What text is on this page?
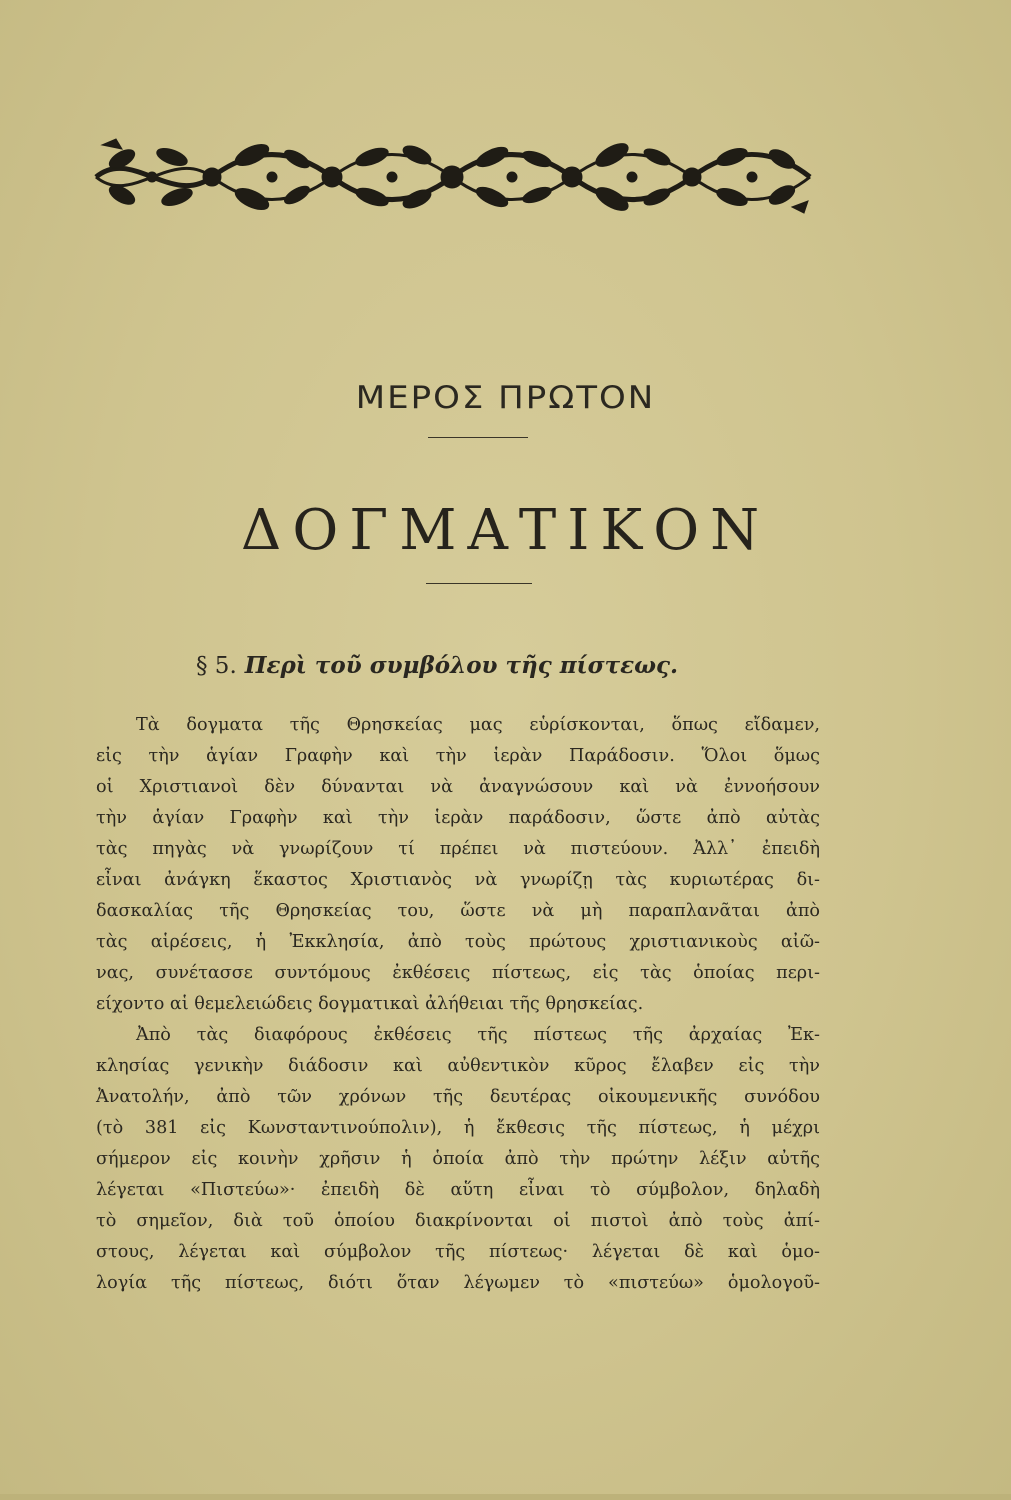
ΜΕΡΟΣ ΠΡΩΤΟΝ
ΔΟΓΜΑΤΙΚΟΝ
§ 5. Περὶ τοῦ συμβόλου τῆς πίστεως.
Τὰ δογματα τῆς Θρησκείας μας εὑρίσκονται, ὅπως εἴδαμεν,
εἰς τὴν ἁγίαν Γραφὴν καὶ τὴν ἱερὰν Παράδοσιν. Ὅλοι ὅμως
οἱ Χριστιανοὶ δὲν δύνανται νὰ ἀναγνώσουν καὶ νὰ ἐννοήσουν
τὴν ἁγίαν Γραφὴν καὶ τὴν ἱερὰν παράδοσιν, ὥστε ἀπὸ αὐτὰς
τὰς πηγὰς νὰ γνωρίζουν τί πρέπει νὰ πιστεύουν. Ἀλλ᾽ ἐπειδὴ
εἶναι ἀνάγκη ἕκαστος Χριστιανὸς νὰ γνωρίζῃ τὰς κυριωτέρας δι-
δασκαλίας τῆς Θρησκείας του, ὥστε νὰ μὴ παραπλανᾶται ἀπὸ
τὰς αἱρέσεις, ἡ Ἐκκλησία, ἀπὸ τοὺς πρώτους χριστιανικοὺς αἰῶ-
νας, συνέτασσε συντόμους ἐκθέσεις πίστεως, εἰς τὰς ὁποίας περι-
είχοντο αἱ θεμελειώδεις δογματικαὶ ἀλήθειαι τῆς θρησκείας.
Ἀπὸ τὰς διαφόρους ἐκθέσεις τῆς πίστεως τῆς ἀρχαίας Ἐκ-
κλησίας γενικὴν διάδοσιν καὶ αὐθεντικὸν κῦρος ἔλαβεν εἰς τὴν
Ἀνατολήν, ἀπὸ τῶν χρόνων τῆς δευτέρας οἰκουμενικῆς συνόδου
(τὸ 381 εἰς Κωνσταντινούπολιν), ἡ ἔκθεσις τῆς πίστεως, ἡ μέχρι
σήμερον εἰς κοινὴν χρῆσιν ἡ ὁποία ἀπὸ τὴν πρώτην λέξιν αὐτῆς
λέγεται «Πιστεύω»· ἐπειδὴ δὲ αὕτη εἶναι τὸ σύμβολον, δηλαδὴ
τὸ σημεῖον, διὰ τοῦ ὁποίου διακρίνονται οἱ πιστοὶ ἀπὸ τοὺς ἀπί-
στους, λέγεται καὶ σύμβολον τῆς πίστεως· λέγεται δὲ καὶ ὁμο-
λογία τῆς πίστεως, διότι ὅταν λέγωμεν τὸ «πιστεύω» ὁμολογοῦ-
